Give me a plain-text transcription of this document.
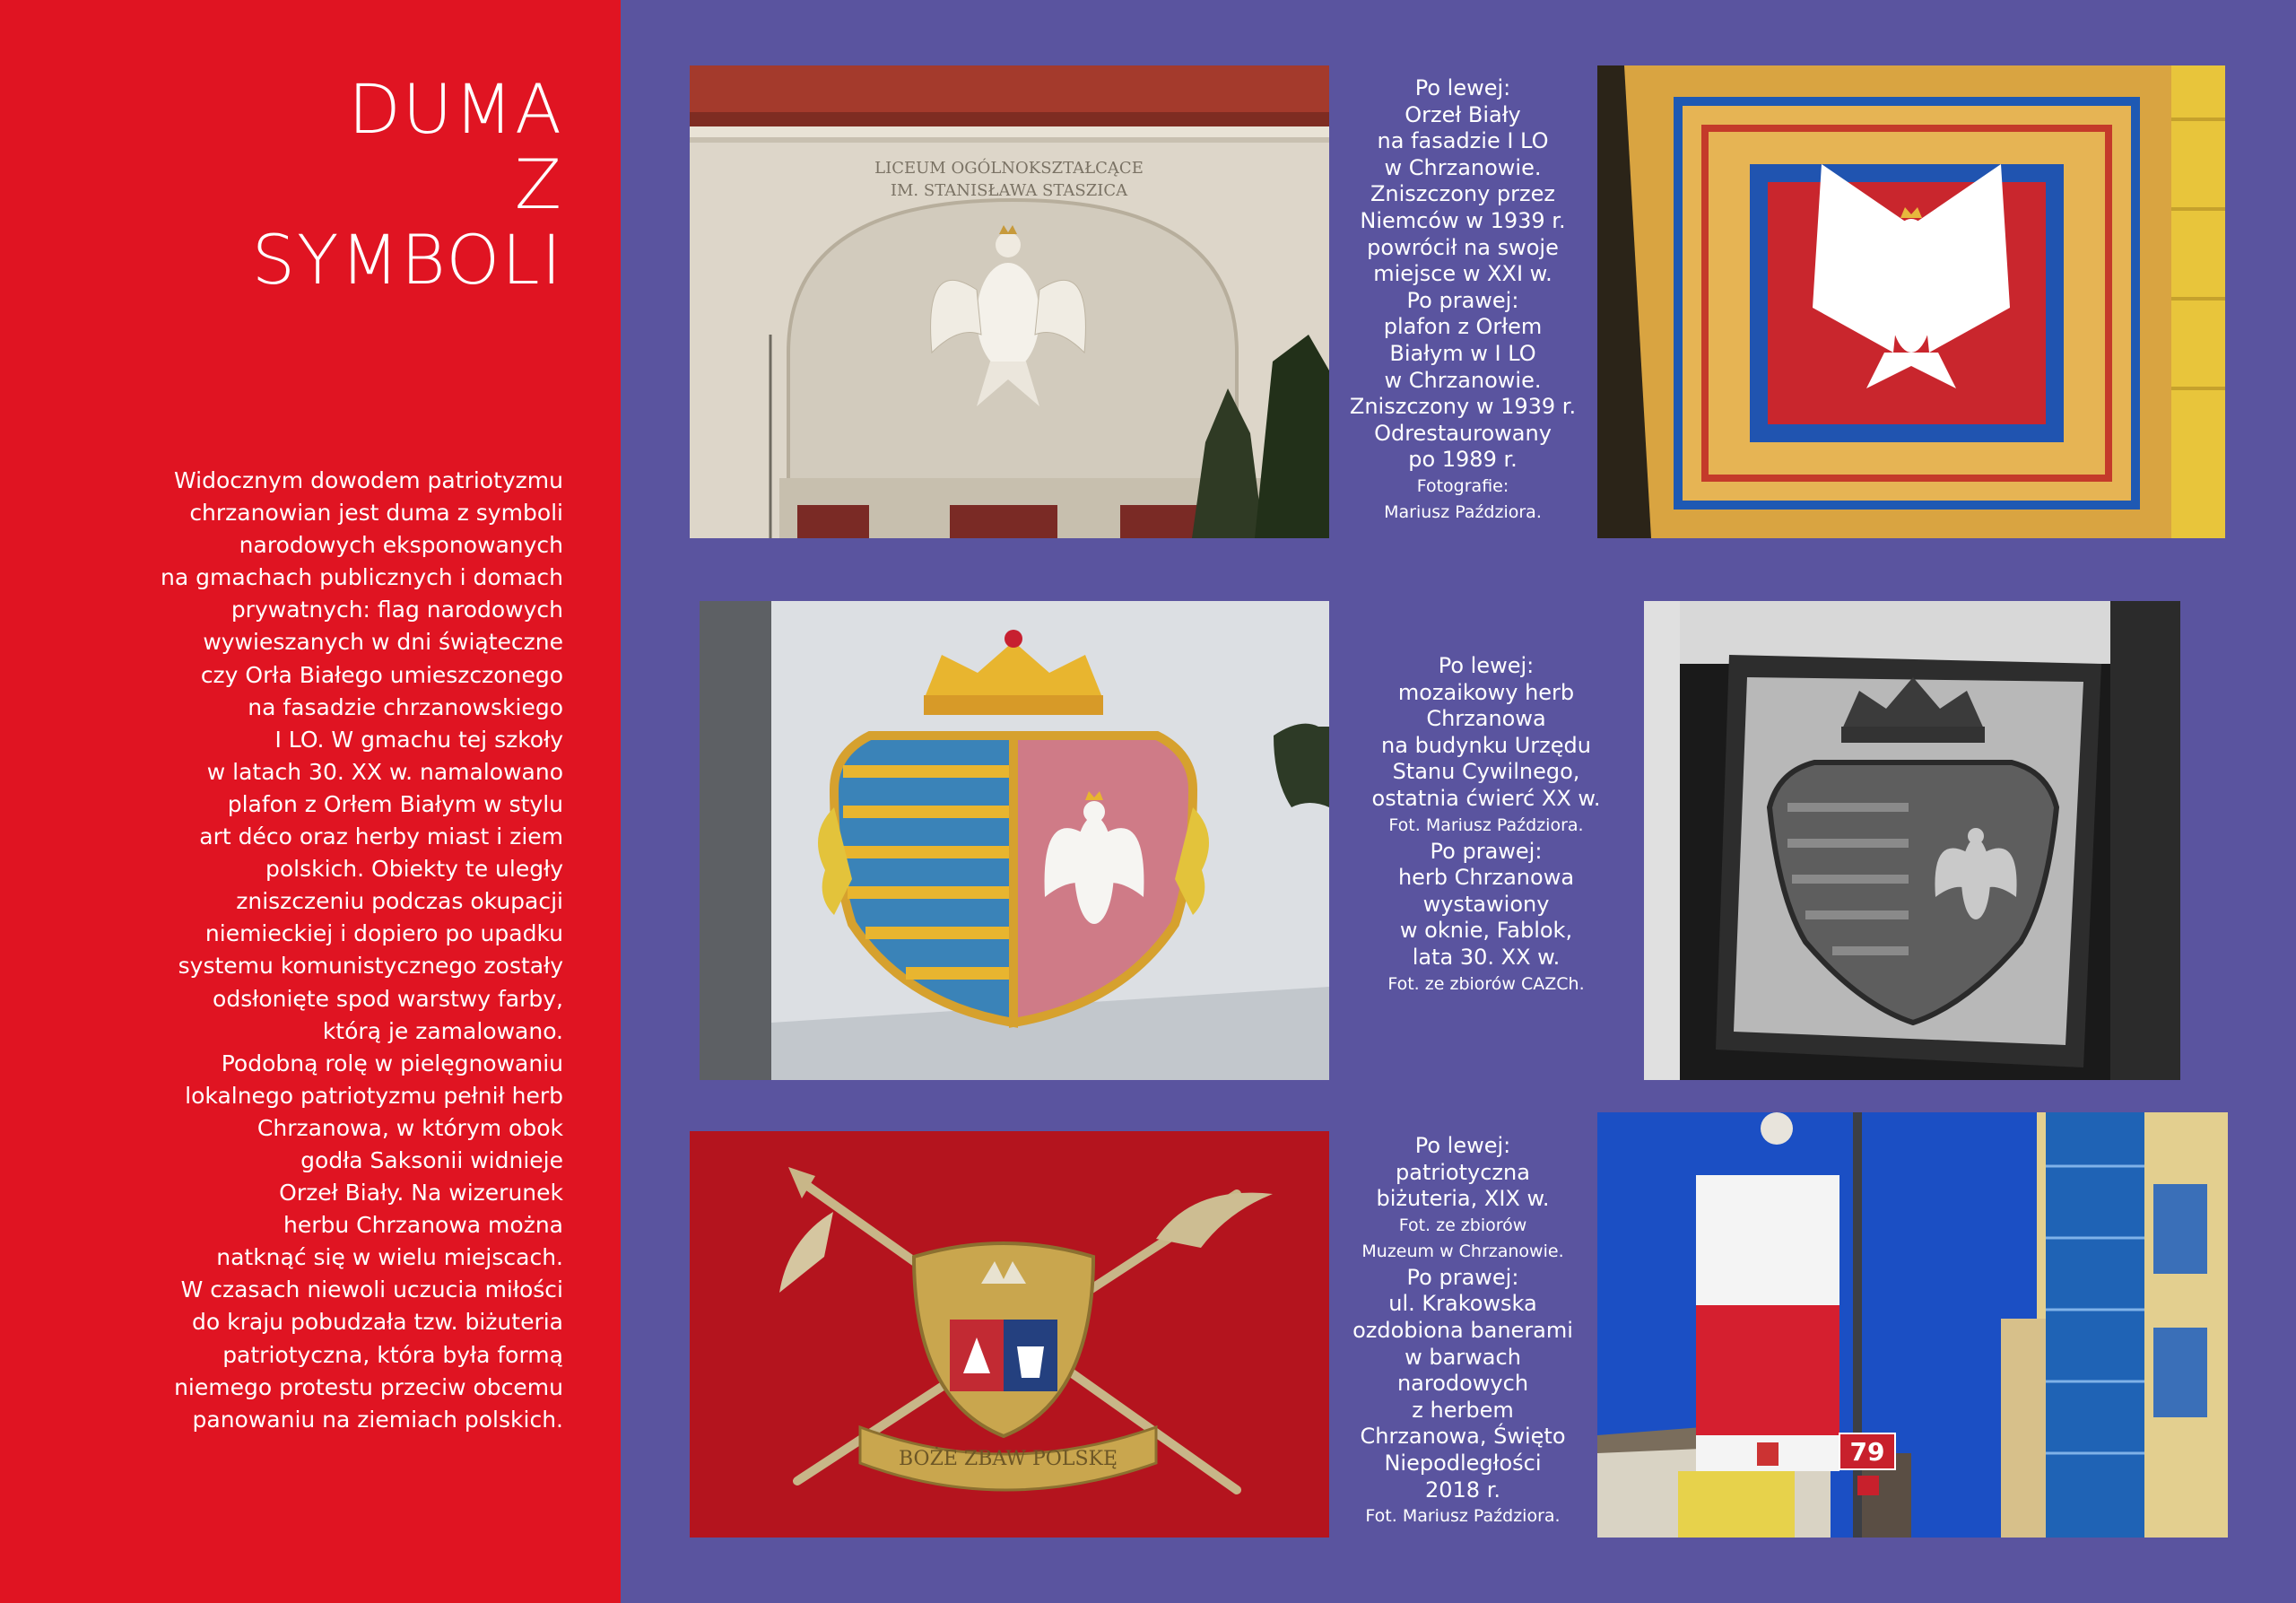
DUMA
Z
SYMBOLI
Widocznym dowodem patriotyzmu
chrzanowian jest duma z symboli
narodowych eksponowanych
na gmachach publicznych i domach
prywatnych: flag narodowych
wywieszanych w dni świąteczne
czy Orła Białego umieszczonego
na fasadzie chrzanowskiego
I LO. W gmachu tej szkoły
w latach 30. XX w. namalowano
plafon z Orłem Białym w stylu
art déco oraz herby miast i ziem
polskich. Obiekty te uległy
zniszczeniu podczas okupacji
niemieckiej i dopiero po upadku
systemu komunistycznego zostały
odsłonięte spod warstwy farby,
którą je zamalowano.
Podobną rolę w pielęgnowaniu
lokalnego patriotyzmu pełnił herb
Chrzanowa, w którym obok
godła Saksonii widnieje
Orzeł Biały. Na wizerunek
herbu Chrzanowa można
natknąć się w wielu miejscach.
W czasach niewoli uczucia miłości
do kraju pobudzała tzw. biżuteria
patriotyczna, która była formą
niemego protestu przeciw obcemu
panowaniu na ziemiach polskich.
LICEUM OGÓLNOKSZTAŁCĄCE
IM. STANISŁAWA STASZICA
BOŻE ZBAW POLSKĘ	79
Po lewej:
Orzeł Biały
na fasadzie I LO
w Chrzanowie.
Zniszczony przez
Niemców w 1939 r.
powrócił na swoje
miejsce w XXI w.
Po prawej:
plafon z Orłem
Białym w I LO
w Chrzanowie.
Zniszczony w 1939 r.
Odrestaurowany
po 1989 r.
Fotografie:
Mariusz Paździora.
Po lewej:
mozaikowy herb
Chrzanowa
na budynku Urzędu
Stanu Cywilnego,
ostatnia ćwierć XX w.
Fot. Mariusz Paździora.
Po prawej:
herb Chrzanowa
wystawiony
w oknie, Fablok,
lata 30. XX w.
Fot. ze zbiorów CAZCh.
Po lewej:
patriotyczna
biżuteria, XIX w.
Fot. ze zbiorów
Muzeum w Chrzanowie.
Po prawej:
ul. Krakowska
ozdobiona banerami
w barwach
narodowych
z herbem
Chrzanowa, Święto
Niepodległości
2018 r.
Fot. Mariusz Paździora.
